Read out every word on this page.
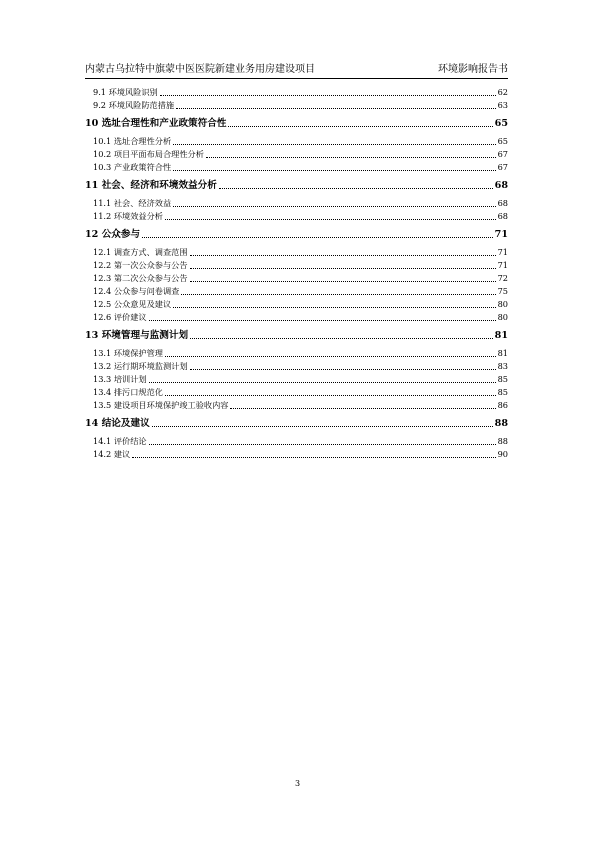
内蒙古乌拉特中旗蒙中医医院新建业务用房建设项目	环境影响报告书
9.1 环境风险识别	62
9.2 环境风险防范措施	63
10 选址合理性和产业政策符合性	65
10.1 选址合理性分析	65
10.2 项目平面布局合理性分析	67
10.3 产业政策符合性	67
11 社会、经济和环境效益分析	68
11.1 社会、经济效益	68
11.2 环境效益分析	68
12 公众参与	71
12.1 调查方式、调查范围	71
12.2 第一次公众参与公告	71
12.3 第二次公众参与公告	72
12.4 公众参与问卷调查	75
12.5 公众意见及建议	80
12.6 评价建议	80
13 环境管理与监测计划	81
13.1 环境保护管理	81
13.2 运行期环境监测计划	83
13.3 培训计划	85
13.4 排污口规范化	85
13.5 建设项目环境保护竣工验收内容	86
14 结论及建议	88
14.1 评价结论	88
14.2 建议	90
3
